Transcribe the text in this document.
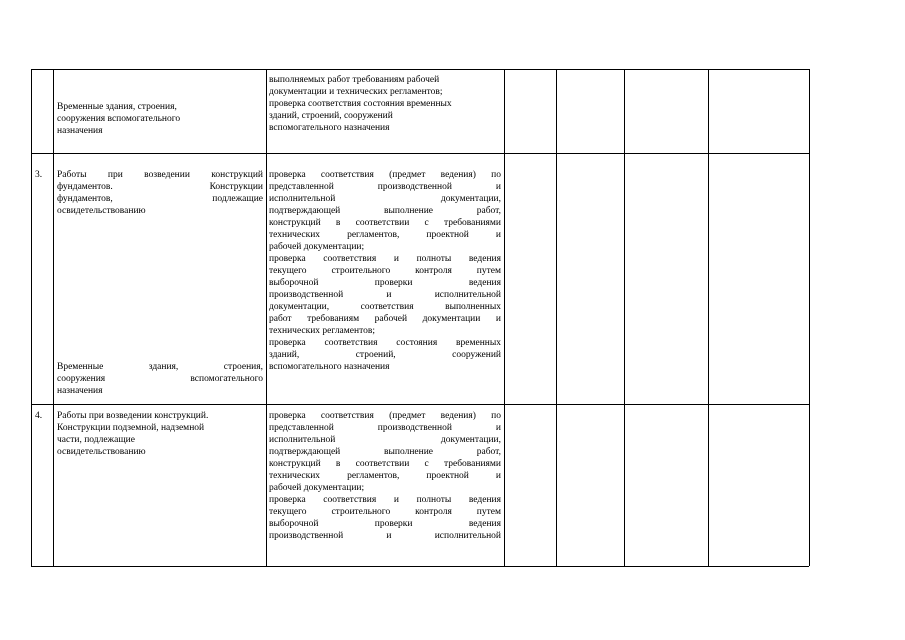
Временные здания, строения,
сооружения вспомогательного
назначения
выполняемых работ требованиям рабочей
документации и технических регламентов;
проверка соответствия состояния временных
зданий, строений, сооружений
вспомогательного назначения
3.	Работы при возведении конструкций
фундаментов. Конструкции
фундаментов, подлежащие
освидетельствованию
Временные здания, строения,
сооружения вспомогательного
назначения
проверка соответствия (предмет ведения) по
представленной производственной и
исполнительной документации,
подтверждающей выполнение работ,
конструкций в соответствии с требованиями
технических регламентов, проектной и
рабочей документации;
проверка соответствия и полноты ведения
текущего строительного контроля путем
выборочной проверки ведения
производственной и исполнительной
документации, соответствия выполненных
работ требованиям рабочей документации и
технических регламентов;
проверка соответствия состояния временных
зданий, строений, сооружений
вспомогательного назначения
4.	Работы при возведении конструкций.
Конструкции подземной, надземной
части, подлежащие
освидетельствованию
проверка соответствия (предмет ведения) по
представленной производственной и
исполнительной документации,
подтверждающей выполнение работ,
конструкций в соответствии с требованиями
технических регламентов, проектной и
рабочей документации;
проверка соответствия и полноты ведения
текущего строительного контроля путем
выборочной проверки ведения
производственной и исполнительной
